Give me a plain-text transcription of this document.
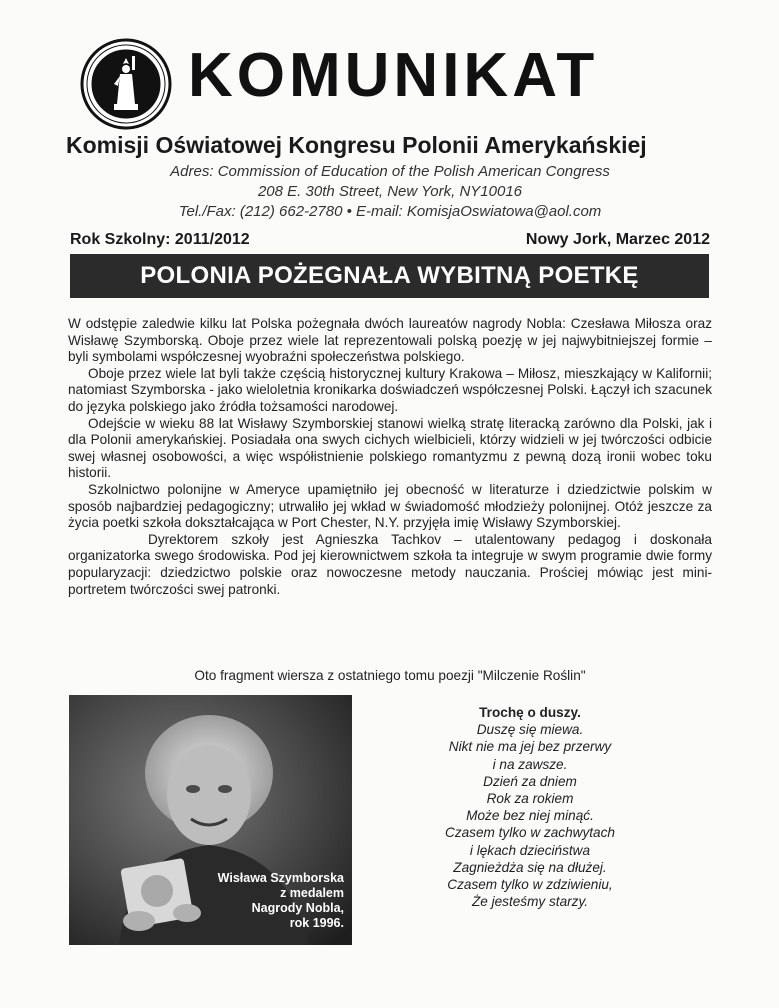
KOMUNIKAT
Komisji Oświatowej Kongresu Polonii Amerykańskiej
Adres: Commission of Education of the Polish American Congress
208 E. 30th Street, New York, NY10016
Tel./Fax: (212) 662-2780 • E-mail: KomisjaOswiatowa@aol.com
Rok Szkolny: 2011/2012	Nowy Jork, Marzec 2012
POLONIA POŻEGNAŁA WYBITNĄ POETKĘ

W odstępie zaledwie kilku lat Polska pożegnała dwóch laureatów nagrody Nobla: Czesława Miłosza oraz Wisławę Szymborską. Oboje przez wiele lat reprezentowali polską poezję w jej najwybitniejszej formie – byli symbolami współczesnej wyobraźni społeczeństwa polskiego.

Oboje przez wiele lat byli także częścią historycznej kultury Krakowa – Miłosz, mieszkający w Kalifornii; natomiast Szymborska - jako wieloletnia kronikarka doświadczeń współczesnej Polski. Łączył ich szacunek do języka polskiego jako źródła tożsamości narodowej.

Odejście w wieku 88 lat Wisławy Szymborskiej stanowi wielką stratę literacką zarówno dla Polski, jak i dla Polonii amerykańskiej. Posiadała ona swych cichych wielbicieli, którzy widzieli w jej twórczości odbicie swej własnej osobowości, a więc współistnienie polskiego romantyzmu z pewną dozą ironii wobec toku historii.

Szkolnictwo polonijne w Ameryce upamiętniło jej obecność w literaturze i dziedzictwie polskim w sposób najbardziej pedagogiczny; utrwaliło jej wkład w świadomość młodzieży polonijnej. Otóż jeszcze za życia poetki szkoła dokształcająca w Port Chester, N.Y. przyjęła imię Wisławy Szymborskiej.

Dyrektorem szkoły jest Agnieszka Tachkov – utalentowany pedagog i doskonała organizatorka swego środowiska. Pod jej kierownictwem szkoła ta integruje w swym programie dwie formy popularyzacji: dziedzictwo polskie oraz nowoczesne metody nauczania. Prościej mówiąc jest mini-portretem twórczości swej patronki.

Oto fragment wiersza z ostatniego tomu poezji "Milczenie Roślin"
Wisława Szymborska
z medalem
Nagrody Nobla,
rok 1996.
Trochę o duszy.
Duszę się miewa.
Nikt nie ma jej bez przerwy
i na zawsze.
Dzień za dniem
Rok za rokiem
Może bez niej minąć.
Czasem tylko w zachwytach
i lękach dzieciństwa
Zagnieżdża się na dłużej.
Czasem tylko w zdziwieniu,
Że jesteśmy starzy.
